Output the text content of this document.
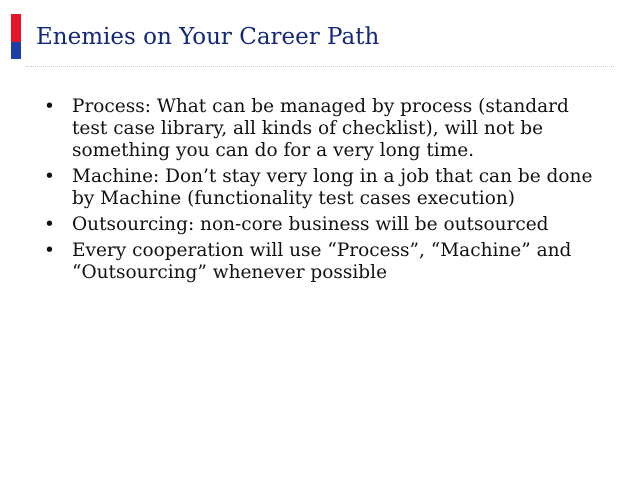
Enemies on Your Career Path
• Process: What can be managed by process (standard test case library, all kinds of checklist), will not be something you can do for a very long time.
• Machine: Don’t stay very long in a job that can be done by Machine (functionality test cases execution)
• Outsourcing: non-core business will be outsourced
• Every cooperation will use “Process”, “Machine” and “Outsourcing” whenever possible
